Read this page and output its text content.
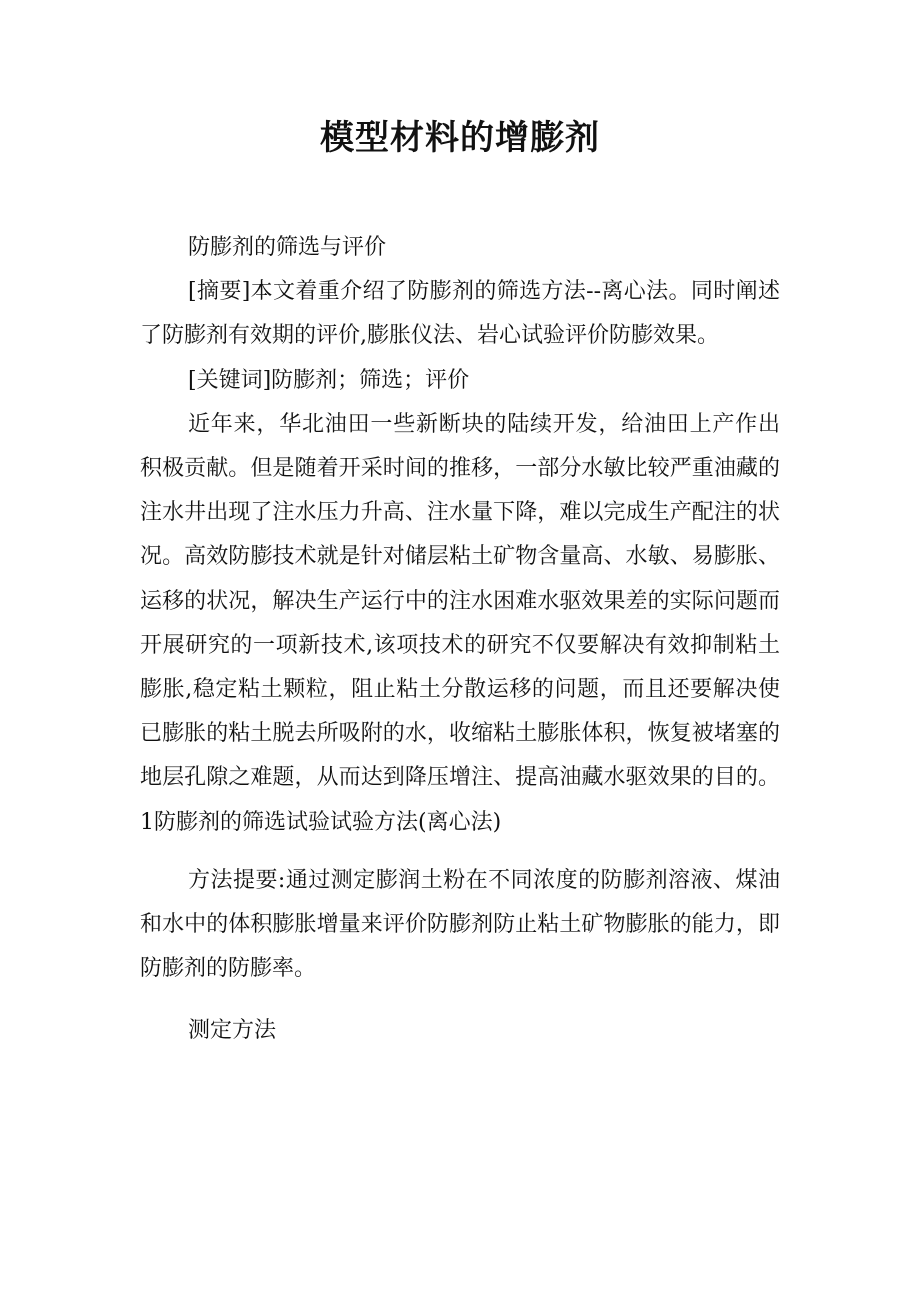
模型材料的增膨剂

防膨剂的筛选与评价

[摘要]本文着重介绍了防膨剂的筛选方法--离心法。同时阐述了防膨剂有效期的评价,膨胀仪法、岩心试验评价防膨效果。

[关键词]防膨剂；筛选；评价

近年来，华北油田一些新断块的陆续开发，给油田上产作出积极贡献。但是随着开采时间的推移，一部分水敏比较严重油藏的注水井出现了注水压力升高、注水量下降，难以完成生产配注的状况。高效防膨技术就是针对储层粘土矿物含量高、水敏、易膨胀、运移的状况，解决生产运行中的注水困难水驱效果差的实际问题而开展研究的一项新技术,该项技术的研究不仅要解决有效抑制粘土膨胀,稳定粘土颗粒，阻止粘土分散运移的问题，而且还要解决使已膨胀的粘土脱去所吸附的水，收缩粘土膨胀体积，恢复被堵塞的地层孔隙之难题，从而达到降压增注、提高油藏水驱效果的目的。1防膨剂的筛选试验试验方法(离心法)

方法提要:通过测定膨润土粉在不同浓度的防膨剂溶液、煤油和水中的体积膨胀增量来评价防膨剂防止粘土矿物膨胀的能力，即防膨剂的防膨率。

测定方法
